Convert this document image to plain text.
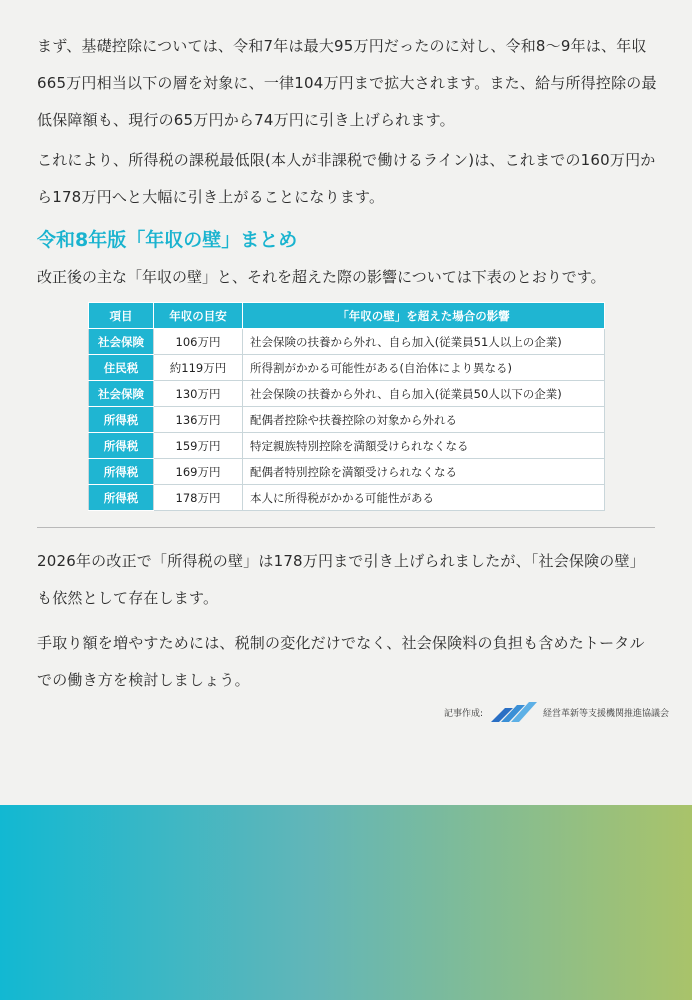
まず、基礎控除については、令和7年は最大95万円だったのに対し、令和8〜9年は、年収665万円相当以下の層を対象に、一律104万円まで拡大されます。また、給与所得控除の最低保障額も、現行の65万円から74万円に引き上げられます。

これにより、所得税の課税最低限(本人が非課税で働けるライン)は、これまでの160万円から178万円へと大幅に引き上がることになります。

令和8年版「年収の壁」まとめ

改正後の主な「年収の壁」と、それを超えた際の影響については下表のとおりです。

項目	年収の目安	「年収の壁」を超えた場合の影響
社会保険	106万円	社会保険の扶養から外れ、自ら加入(従業員51人以上の企業)
住民税	約119万円	所得割がかかる可能性がある(自治体により異なる)
社会保険	130万円	社会保険の扶養から外れ、自ら加入(従業員50人以下の企業)
所得税	136万円	配偶者控除や扶養控除の対象から外れる
所得税	159万円	特定親族特別控除を満額受けられなくなる
所得税	169万円	配偶者特別控除を満額受けられなくなる
所得税	178万円	本人に所得税がかかる可能性がある

2026年の改正で「所得税の壁」は178万円まで引き上げられましたが、「社会保険の壁」も依然として存在します。

手取り額を増やすためには、税制の変化だけでなく、社会保険料の負担も含めたトータルでの働き方を検討しましょう。

記事作成:	経営革新等支援機関推進協議会
